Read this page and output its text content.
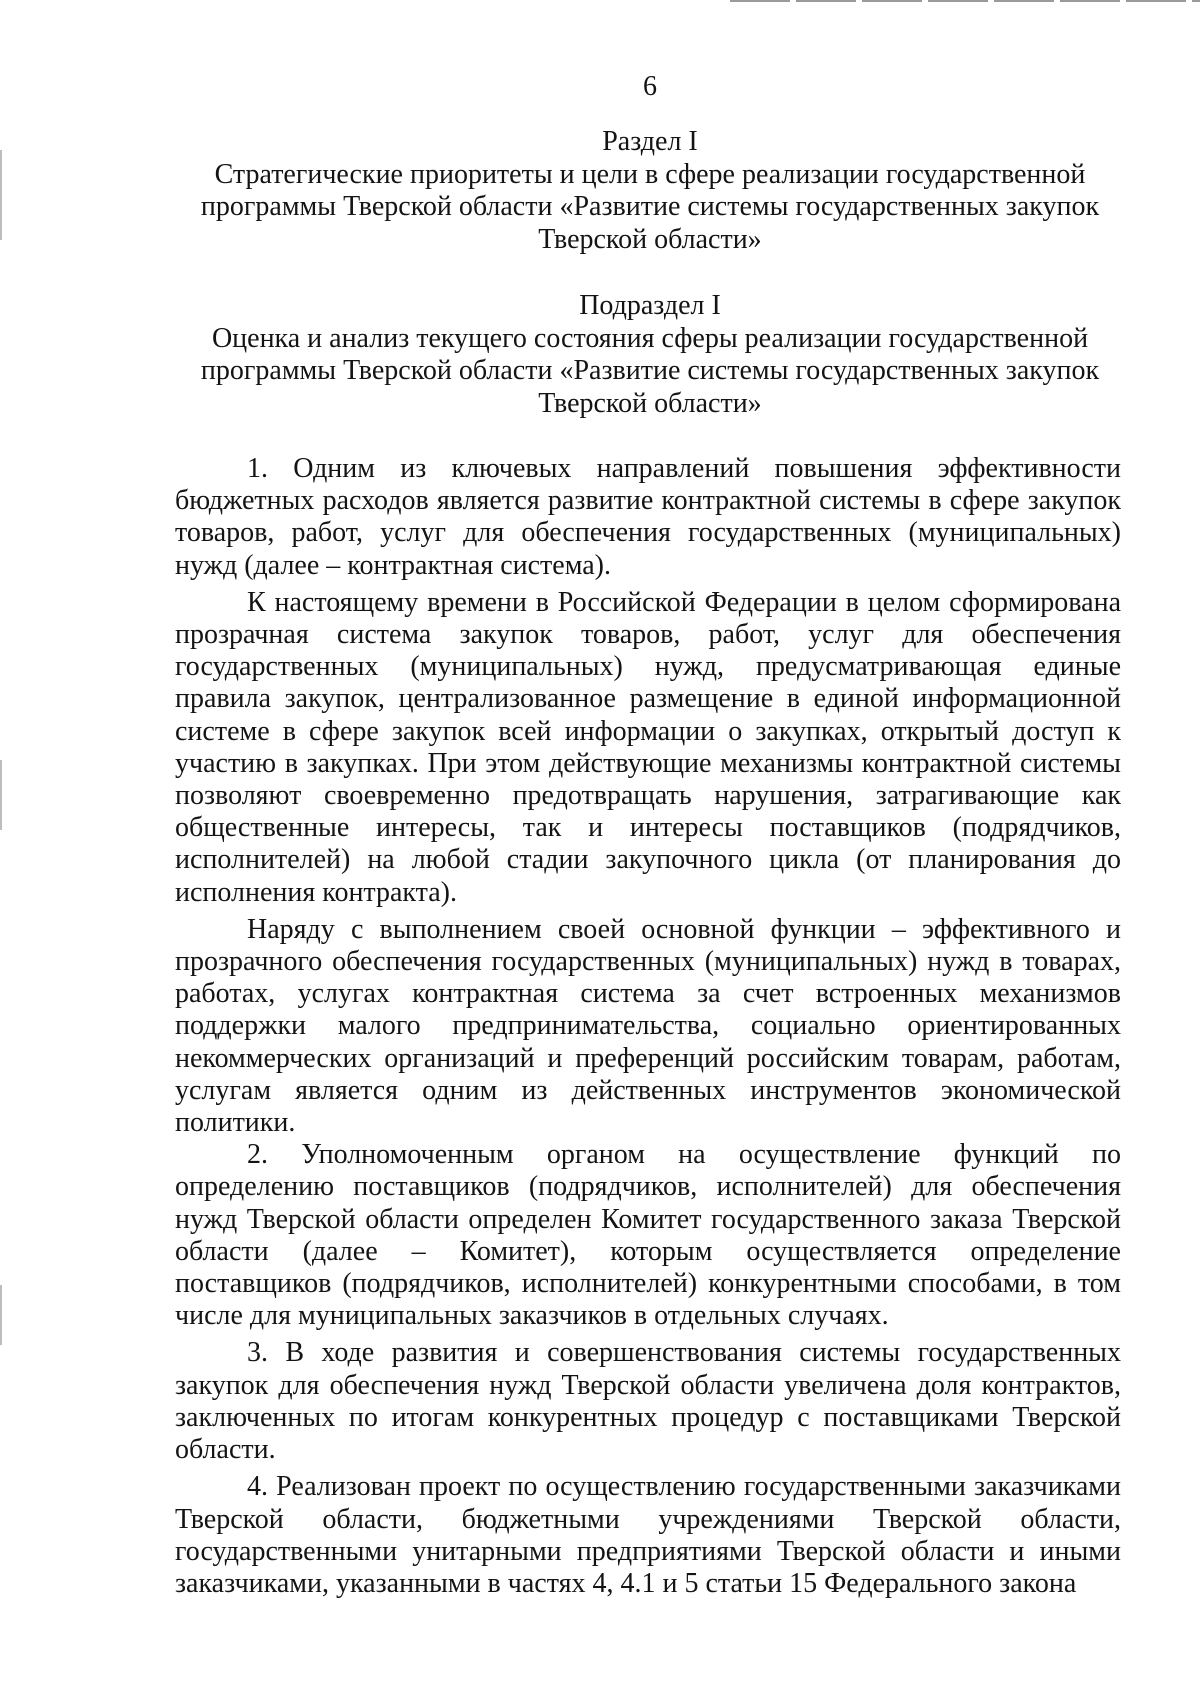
6
Раздел I
Стратегические приоритеты и цели в сфере реализации государственной
программы Тверской области «Развитие системы государственных закупок
Тверской области»
Подраздел I
Оценка и анализ текущего состояния сферы реализации государственной
программы Тверской области «Развитие системы государственных закупок
Тверской области»

1. Одним из ключевых направлений повышения эффективности бюджетных расходов является развитие контрактной системы в сфере закупок товаров, работ, услуг для обеспечения государственных (муниципальных) нужд (далее – контрактная система).

К настоящему времени в Российской Федерации в целом сформирована прозрачная система закупок товаров, работ, услуг для обеспечения государственных (муниципальных) нужд, предусматривающая единые правила закупок, централизованное размещение в единой информационной системе в сфере закупок всей информации о закупках, открытый доступ к участию в закупках. При этом действующие механизмы контрактной системы позволяют своевременно предотвращать нарушения, затрагивающие как общественные интересы, так и интересы поставщиков (подрядчиков, исполнителей) на любой стадии закупочного цикла (от планирования до исполнения контракта).

Наряду с выполнением своей основной функции – эффективного и прозрачного обеспечения государственных (муниципальных) нужд в товарах, работах, услугах контрактная система за счет встроенных механизмов поддержки малого предпринимательства, социально ориентированных некоммерческих организаций и преференций российским товарам, работам, услугам является одним из действенных инструментов экономической политики.

2. Уполномоченным органом на осуществление функций по определению поставщиков (подрядчиков, исполнителей) для обеспечения нужд Тверской области определен Комитет государственного заказа Тверской области (далее – Комитет), которым осуществляется определение поставщиков (подрядчиков, исполнителей) конкурентными способами, в том числе для муниципальных заказчиков в отдельных случаях.

3. В ходе развития и совершенствования системы государственных закупок для обеспечения нужд Тверской области увеличена доля контрактов, заключенных по итогам конкурентных процедур с поставщиками Тверской области.

4. Реализован проект по осуществлению государственными заказчиками Тверской области, бюджетными учреждениями Тверской области, государственными унитарными предприятиями Тверской области и иными заказчиками, указанными в частях 4, 4.1 и 5 статьи 15 Федерального закона
